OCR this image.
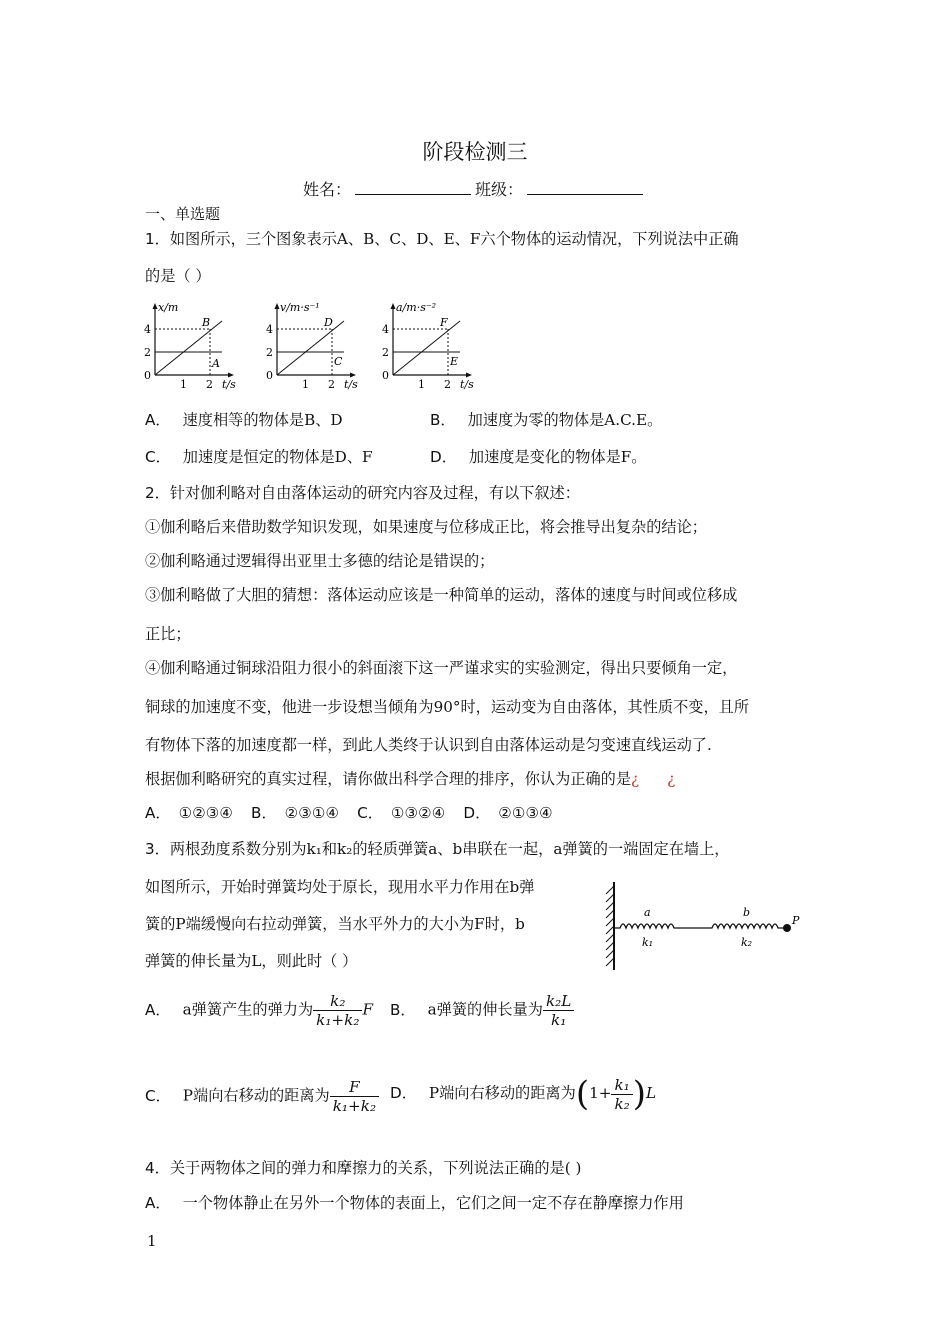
阶段检测三
姓名：	班级：
一、单选题
1．如图所示，三个图象表示A、B、C、D、E、F六个物体的运动情况，下列说法中正确
的是（ ）
x/m
4
2
0
1 2 t/s
B
A
v/m·s⁻¹
4
2
0
1 2 t/s
D
C
a/m·s⁻²
4
2
0
1 2 t/s
F
E
A． 速度相等的物体是B、D	B． 加速度为零的物体是A.C.E。
C． 加速度是恒定的物体是D、F	D． 加速度是变化的物体是F。
2．针对伽利略对自由落体运动的研究内容及过程，有以下叙述：
①伽利略后来借助数学知识发现，如果速度与位移成正比，将会推导出复杂的结论；
②伽利略通过逻辑得出亚里士多德的结论是错误的；
③伽利略做了大胆的猜想：落体运动应该是一种简单的运动，落体的速度与时间或位移成
正比；
④伽利略通过铜球沿阻力很小的斜面滚下这一严谨求实的实验测定，得出只要倾角一定，
铜球的加速度不变，他进一步设想当倾角为90°时，运动变为自由落体，其性质不变，且所
有物体下落的加速度都一样，到此人类终于认识到自由落体运动是匀变速直线运动了.
根据伽利略研究的真实过程，请你做出科学合理的排序，你认为正确的是¿ ¿
A． ①②③④ B． ②③①④ C． ①③②④ D． ②①③④
3．两根劲度系数分别为k₁和k₂的轻质弹簧a、b串联在一起，a弹簧的一端固定在墙上，
如图所示，开始时弹簧均处于原长，现用水平力作用在b弹
簧的P端缓慢向右拉动弹簧，当水平外力的大小为F时，b
弹簧的伸长量为L，则此时（ ）
a
k₁
b
k₂
P
A． a弹簧产生的弹力为 $\frac{\text{k₂}}{\text{k₁+k₂}}$ F B． a弹簧的伸长量为 $\frac{\text{k₂L}}{\text{k₁}}$
C． P端向右移动的距离为 $\frac{F}{\text{k₁+k₂}}$ D． P端向右移动的距离为$(1+ \frac{\text{k₁}}{\text{k₂}} )L$
4．关于两物体之间的弹力和摩擦力的关系，下列说法正确的是( )
A． 一个物体静止在另外一个物体的表面上，它们之间一定不存在静摩擦力作用
1
